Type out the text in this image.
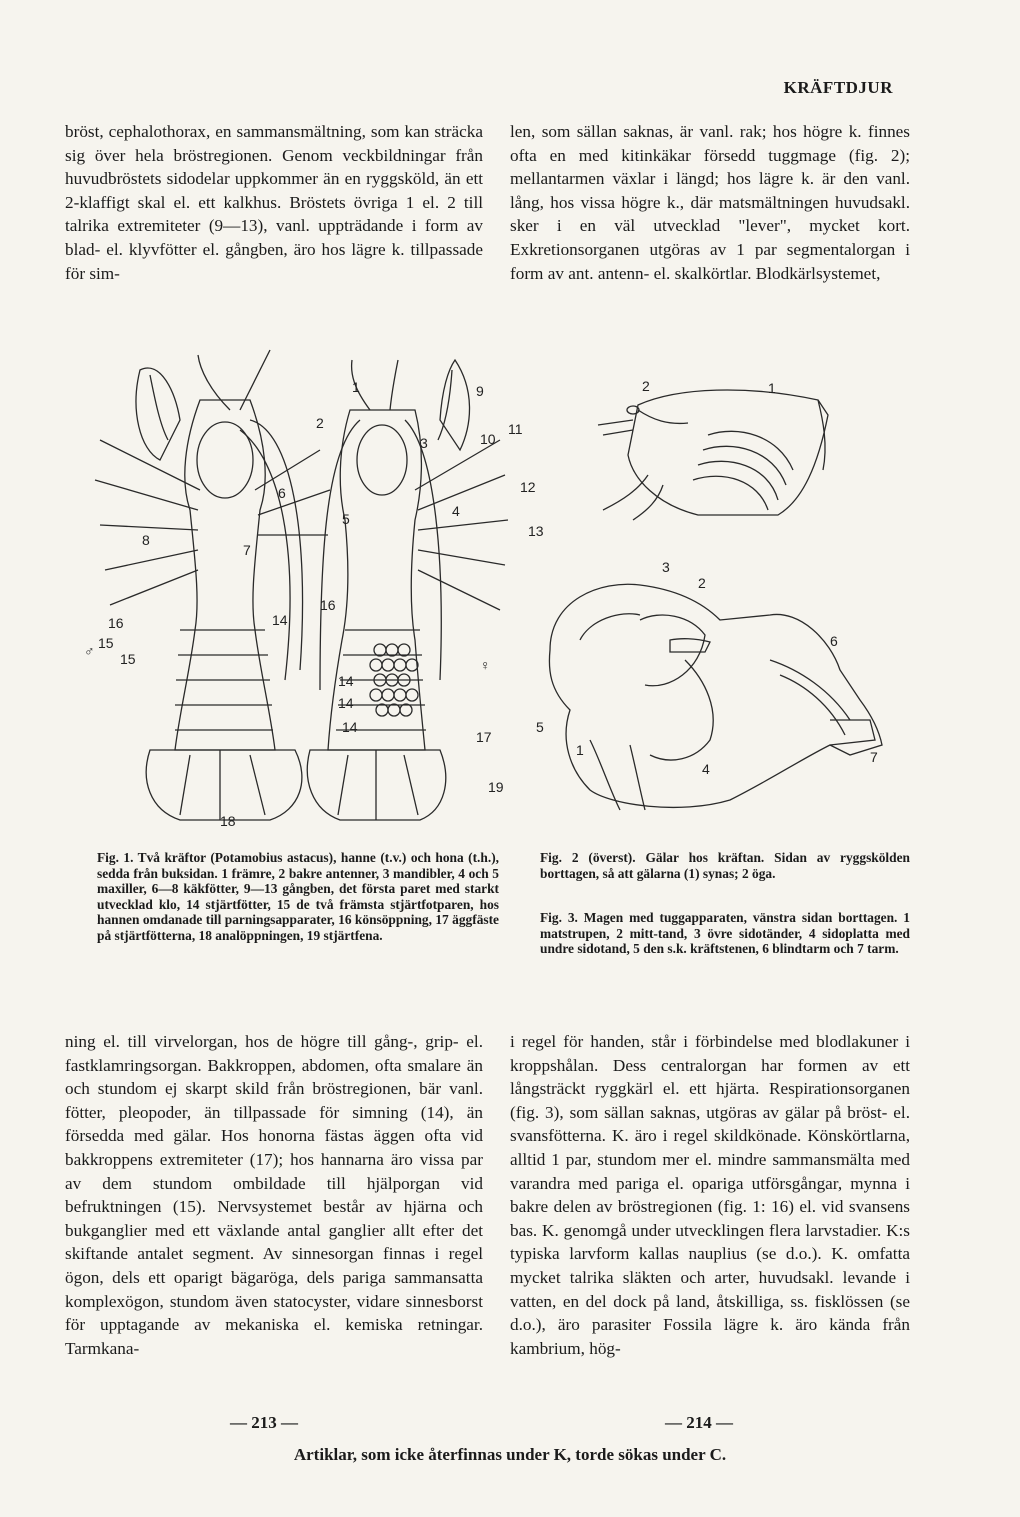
KRÄFTDJUR

bröst, cephalothorax, en sammansmältning, som kan sträcka sig över hela bröstregionen. Genom veckbildningar från huvudbröstets sidodelar uppkommer än en ryggsköld, än ett 2-klaffigt skal el. ett kalkhus. Bröstets övriga 1 el. 2 till talrika extremiteter (9—13), vanl. uppträdande i form av blad- el. klyvfötter el. gångben, äro hos lägre k. tillpassade för sim-

len, som sällan saknas, är vanl. rak; hos högre k. finnes ofta en med kitinkäkar försedd tuggmage (fig. 2); mellantarmen växlar i längd; hos lägre k. är den vanl. lång, hos vissa högre k., där matsmältningen huvudsakl. sker i en väl utvecklad "lever", mycket kort. Exkretionsorganen utgöras av 1 par segmentalorgan i form av ant. antenn- el. skalkörtlar. Blodkärlsystemet,

6
8
7
16
15
15
♂
1
2
3
9
10
11
12
13
5	4
16
14
14
14
14
17
19
18
♀
2	1
3
2
6
5
1
4
7
Fig. 1. Två kräftor (Potamobius astacus), hanne (t.v.) och hona (t.h.), sedda från buksidan. 1 främre, 2 bakre antenner, 3 mandibler, 4 och 5 maxiller, 6—8 käkfötter, 9—13 gångben, det första paret med starkt utvecklad klo, 14 stjärtfötter, 15 de två främsta stjärtfotparen, hos hannen omdanade till parningsapparater, 16 könsöppning, 17 äggfäste på stjärtfötterna, 18 analöppningen, 19 stjärtfena.
Fig. 2 (överst). Gälar hos kräftan. Sidan av ryggskölden borttagen, så att gälarna (1) synas; 2 öga.
Fig. 3. Magen med tuggapparaten, vänstra sidan borttagen. 1 matstrupen, 2 mitt-tand, 3 övre sidotänder, 4 sidoplatta med undre sidotand, 5 den s.k. kräftstenen, 6 blindtarm och 7 tarm.

ning el. till virvelorgan, hos de högre till gång-, grip- el. fastklamringsorgan. Bakkroppen, abdomen, ofta smalare än och stundom ej skarpt skild från bröstregionen, bär vanl. fötter, pleopoder, än tillpassade för simning (14), än försedda med gälar. Hos honorna fästas äggen ofta vid bakkroppens extremiteter (17); hos hannarna äro vissa par av dem stundom ombildade till hjälporgan vid befruktningen (15). Nervsystemet består av hjärna och bukganglier med ett växlande antal ganglier allt efter det skiftande antalet segment. Av sinnesorgan finnas i regel ögon, dels ett oparigt bägaröga, dels pariga sammansatta komplexögon, stundom även statocyster, vidare sinnesborst för upptagande av mekaniska el. kemiska retningar. Tarmkana-

i regel för handen, står i förbindelse med blodlakuner i kroppshålan. Dess centralorgan har formen av ett långsträckt ryggkärl el. ett hjärta. Respirationsorganen (fig. 3), som sällan saknas, utgöras av gälar på bröst- el. svansfötterna. K. äro i regel skildkönade. Könskörtlarna, alltid 1 par, stundom mer el. mindre sammansmälta med varandra med pariga el. opariga utförsgångar, mynna i bakre delen av bröstregionen (fig. 1: 16) el. vid svansens bas. K. genomgå under utvecklingen flera larvstadier. K:s typiska larvform kallas nauplius (se d.o.). K. omfatta mycket talrika släkten och arter, huvudsakl. levande i vatten, en del dock på land, åtskilliga, ss. fisklössen (se d.o.), äro parasiter Fossila lägre k. äro kända från kambrium, hög-

— 213 —	— 214 —
Artiklar, som icke återfinnas under K, torde sökas under C.
